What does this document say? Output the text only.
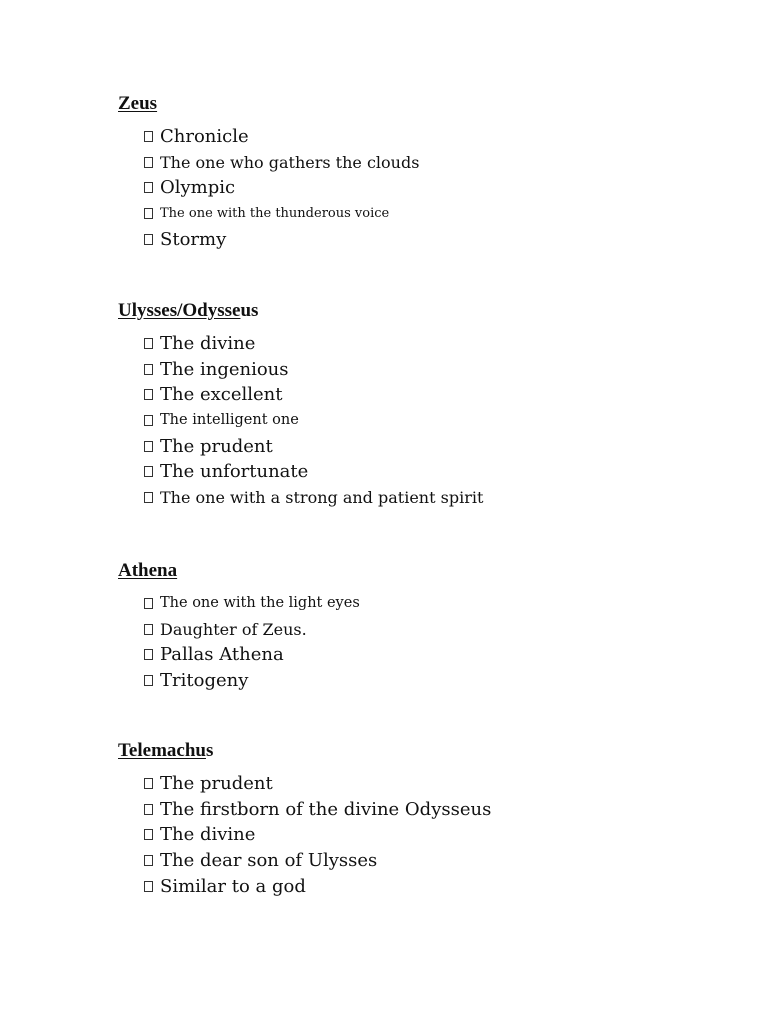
Zeus
Chronicle
The one who gathers the clouds
Olympic
The one with the thunderous voice
Stormy
Ulysses/Odysseus
The divine
The ingenious
The excellent
The intelligent one
The prudent
The unfortunate
The one with a strong and patient spirit
Athena
The one with the light eyes
Daughter of Zeus.
Pallas Athena
Tritogeny
Telemachus
The prudent
The firstborn of the divine Odysseus
The divine
The dear son of Ulysses
Similar to a god
